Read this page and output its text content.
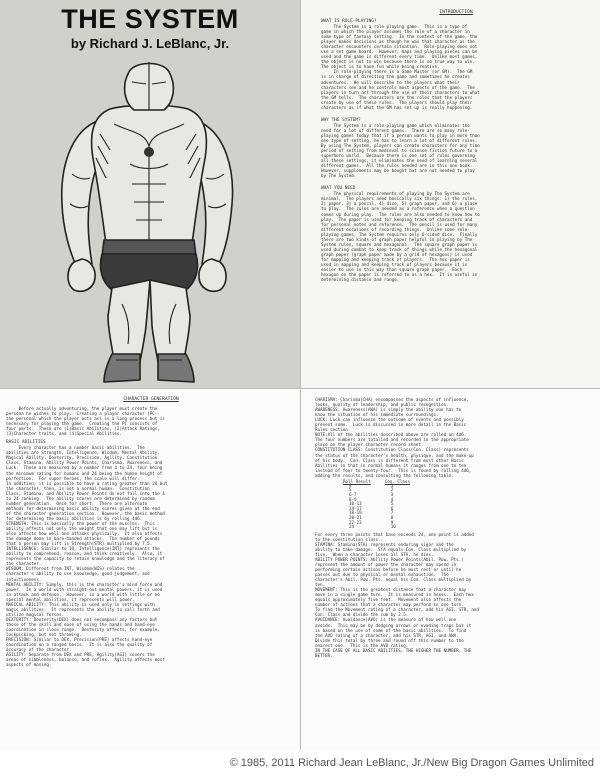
THE SYSTEM
by Richard J. LeBlanc, Jr.
INTRODUCTION
WHAT IS ROLE-PLAYING?
The System is a role playing game.  This is a type of
game in which the player assumes the role of a character in
some type of fantasy setting.  In the context of the game, the
player makes decisions as though he was that character as the
character encounters certain situation.  Role-playing does not
use a set game board.  However, maps and playing pieces can be
used and the game is different every time.  Unlike most games,
the object is not to win because there is no true way to win.
The object is to have fun while being creative.
In role-playing there is a Game Master (or GM).  The GM
is in charge of directing the game and sometimes he creates
adventures.  He will describe to the players what their
characters see and he controls most aspects of the game.  The
players in turn act through the use of their characters to what
the GM tells.  The characters are the roles that the players
create by use of these rules.  The players should play their
characters as if what the GM has set up is really happening.
WHY THE SYSTEM?
The System is a role-playing game which eliminates the
need for a lot of different games.  There are so many role-
playing games today that if a person wants to play in more than
one type of setting, he has to learn a lot of different rules.
By using The System, players can create characters for any time
period of setting from medieval to science fiction future to a
superhero world.  Because there is one set of rules governing
all these settings, it eliminates the need of learning several
different games.  All the rules needed are in this one book.
However, supplements may be bought but are not needed to play
by The System.
WHAT YOU NEED
The physical requirements of playing by The System are
minimal.  The players need basically six things: 1) the rules,
2) paper, 3) a pencil, 4) dice, 5) graph paper, and 6) a place
to play.  The rules are needed as a reference when a question
comes up during play.  The rules are also needed to know how to
play.  The paper is used for keeping track of characters and
for personal notes and reference.  The pencil is used for many
different occasions of recording things.  Unlike some role-
playing games, The System requires only 6-sided dice.  Finally
there are two kinds of graph paper helpful in playing by The
System rules, square and hexagonal.  The square graph paper is
used during combat to keep track of things while the hexagonal
graph paper (graph paper made by a grid of hexagons) is used
for mapping and keeping track of players.  The hex paper is
used in mapping and keeping track of players because it is
easier to use in this way than square graph paper.  Each
hexagon on the paper is referred to as a hex.  It is useful in
determining distance and range.
CHARACTER GENERATION
Before actually adventuring, the player must create the
persona he wishes to play.  Creating a player character (PC--
the personal which the player acts as) is a long process but is
necessary for playing the game.  Creating the PC consists of
four parts.  These are (1)Basic Abilities, (2)Attack Ratings,
(3)Character traits, and (4)Special Abilities.
BASIC ABILITIES
Every character has a number basic abilities.  The
abilities are Strength, Intelligence, Wisdom, Mental Ability,
Magical Ability, Dexterity, Precision, Agility, Constitution
Class, Stamina, Ability Power Points, Charisma, Awareness, and
Luck.  These are measured by a number from 4 to 24, four being
the minimum rating for humans and 24 being the human height of
perfection.  For super heroes, the scale will differ.
In addition, it is possible to have a rating greater than 24 but
the character, then, is not a normal human.  Constitution
Class, Stamina, and Ability Power Points do not fall into the 4
to 24 ranking.  The ability scores are determined by random
number generation.  Once for short.  There are alternate
methods for determining basic ability scores given at the end
of the character generation section.  However, the basic method
for determining the basic abilities is by rolling 4d6.
STRENGTH: This is basically the power of the muscles.  This
ability affects not only the weight that one may lift but is
also affects how well one attacks physically.  It also affects
the damage done in bare-handed attacks.  The number of pounds
that a person may lift is Strength(STR) multiplied by 7.5.
INTELLIGENCE: Similar to IQ, Intelligence(INT) represents the
ability to comprehend, reason, and think creatively.  Also, it
represents the capacity to retain knowledge and the literacy of
the character.
WISDOM: Different from INT, Wisdom(WIS) relates the
character's ability to use knowledge, good judgement, and
intuitiveness.
MENTAL ABILITY: Simply, this is the character's mind force and
power.  In a world with straight-out mental powers, it is used
in attack and defense.  However, in a world with little or no
special mental abilities, it represents will power.
MAGICAL ABILITY: This ability is used only in settings with
magic abilities.  It represents the ability to call forth and
utilize magical forces.
DEXTERITY: Dexterity(DEX) does not encompass any factors but
those of the skill and ease of using the hands and hand-eye
coordination in close range.  Dexterity affects, for example,
lockpicking, but not throwing.
PRECISION: Similar to DEX, Precision(PRE) affects hand-eye
coordination on a ranged basis.  It is also the quality of
accuracy of the character.
AGILITY: Separate from DEX and PRE, Agility(AGI) covers the
areas of nimbleness, balance, and reflex.  Agility affects most
aspects of moving.
CHARISMA: Charisma(CHA) encompasses the aspects of influence,
looks, quality of leadership, and public recognition.
AWARENESS: Awareness(AWA) is simply the ability one has to
know the situation of his immediate surroundings.
LUCK: Luck can influence the outcome of events and possibly
prevent some.  Luck is discussed in more detail in the Basic
Rules section.
NOTE:All of the abilities described above are rolled on 4d6.
The four numbers are totalled and recorded in the appropriate
place on the player character record sheet.
CONSTITUTION CLASS: Constitution Class(Con. Class) represents
the status of the character's health, physique, and the make-up
of his body.  Con. Class is different from most other Basic
Abilities in that in normal humans it ranges from one to ten
instead of four to twenty-four.  This is found by rolling 4d6,
adding the results, and consulting the following table:
Roll Result	Con. Class
4	1
5	2
6-7	3
8-9	4
10-13	5
14-17	6
18-19	7
20-21	8
22-23	9
24	10
For every three points that base exceeds 24, one point is added
to the constitution class.
STAMINA: Stamina(STA) represents enduring vigor and the
ability to take damage.  STA equals Con. Class multiplied by
five.  When a character loses all STA, he dies.
ABILITY POWER POINTS: Ability Power Points(Abil. Pow. Pts.)
represent the amount of power the character may spend in
performing certain actions before he must rest or until he
passes out due to physical or mental exhaustion.  The
character's Abil. Pow. Pts. equal his Con. Class multiplied by
ten.
MOVEMENT: This is the greatest distance that a character may
move in a single game turn.  It is measured in hexes.  Each hex
equals approximately five feet.  Movement also affects the
number of actions that a character may perform in one turn.
To find the Movement rating of a character, add his AGI, STR, and
Con. Class and divide the sum by 2.5.
AVOIDANCE: Avoidance(AVO) is the measure of how well one
avoids.  This may be by dodging arrows or evading traps but it
is based on the use of some of the basic abilities.  To find
the AVO rating of a character, add his STR, AGI, and AWA.
Divide this total by three and round off this number to the
nearest one.  This is the AVO rating.
IN THE CASE OF ALL BASIC ABILITIES, THE HIGHER THE NUMBER, THE
BETTER.
© 1985, 2011 Richard Jean LeBlanc, Jr./New Big Dragon Games Unlimited
